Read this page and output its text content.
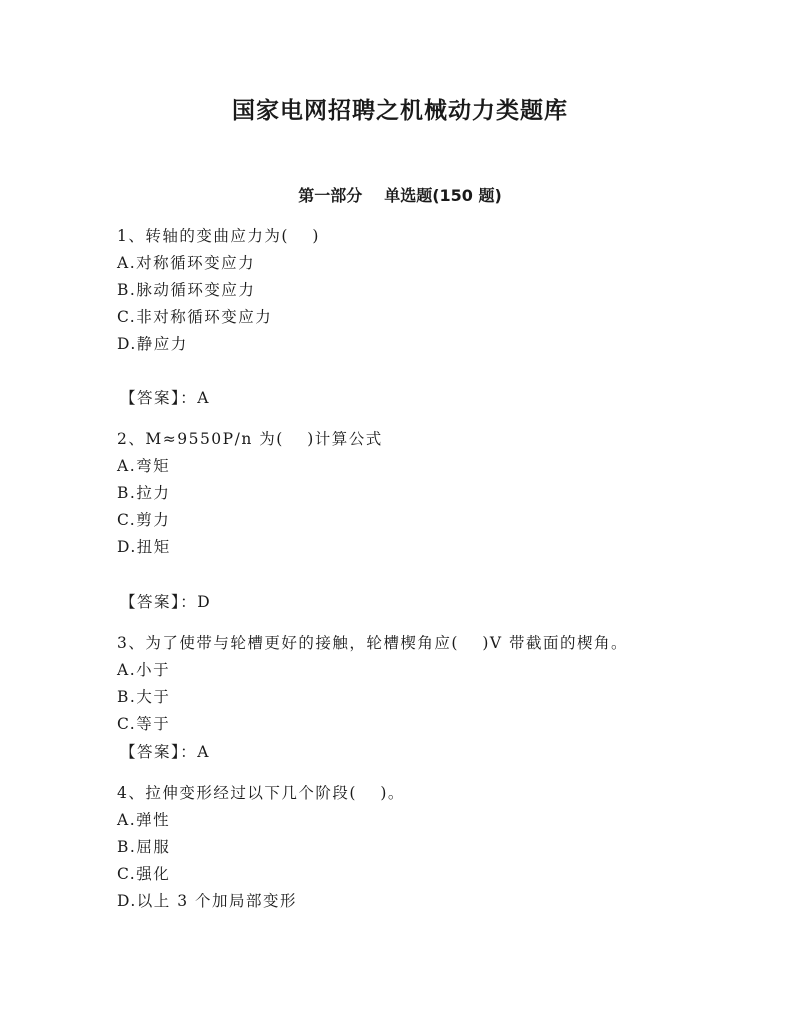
国家电网招聘之机械动力类题库
第一部分 单选题(150 题)
1、转轴的变曲应力为(　 )
A.对称循环变应力
B.脉动循环变应力
C.非对称循环变应力
D.静应力
【答案】：A
2、M≈9550P/n 为(　 )计算公式
A.弯矩
B.拉力
C.剪力
D.扭矩
【答案】：D
3、为了使带与轮槽更好的接触，轮槽楔角应(　 )V 带截面的楔角。
A.小于
B.大于
C.等于
【答案】：A
4、拉伸变形经过以下几个阶段(　 )。
A.弹性
B.屈服
C.强化
D.以上 3 个加局部变形
